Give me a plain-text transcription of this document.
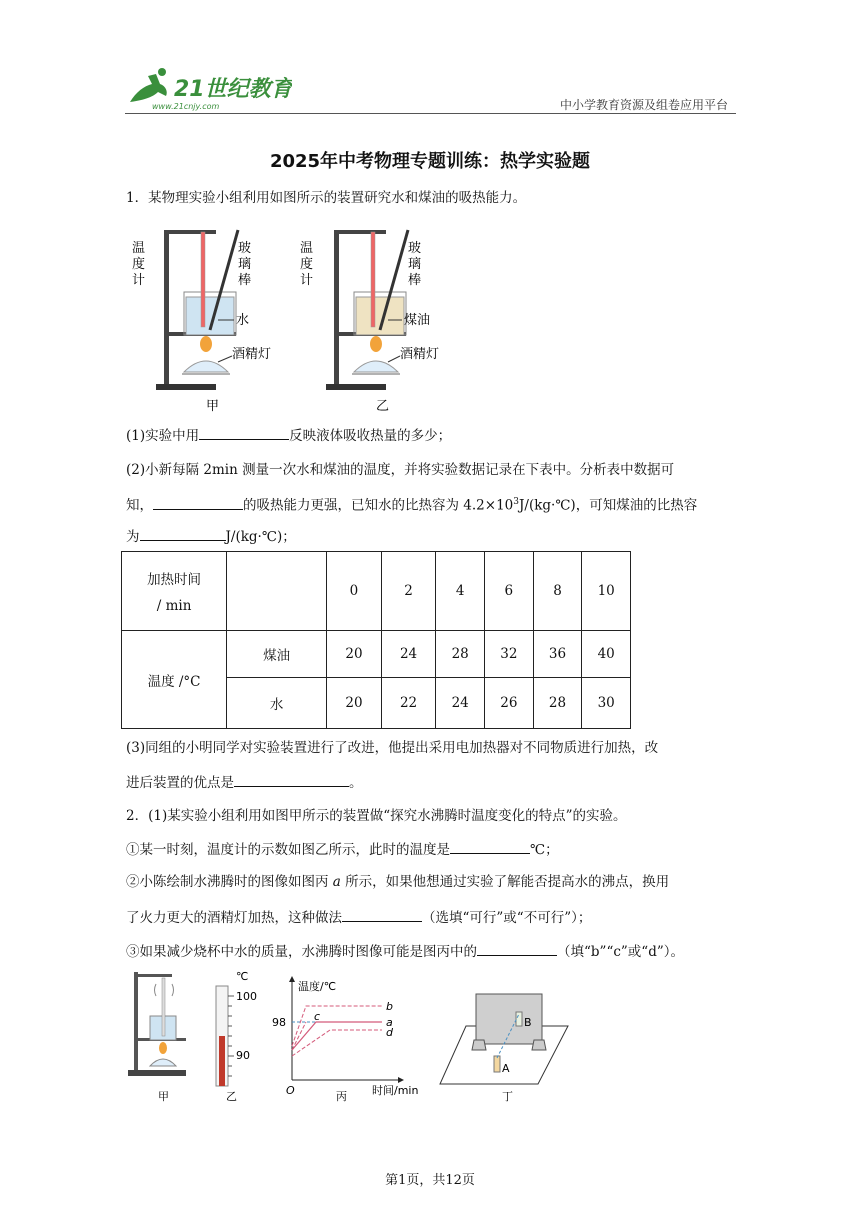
21世纪教育
www.21cnjy.com	中小学教育资源及组卷应用平台
2025年中考物理专题训练：热学实验题
1．某物理实验小组利用如图所示的装置研究水和煤油的吸热能力。
温
度
计
玻
璃
棒
水
酒精灯
甲
温
度
计
玻
璃
棒
煤油
酒精灯
乙
(1)实验中用	反映液体吸收热量的多少；
(2)小新每隔 2min 测量一次水和煤油的温度，并将实验数据记录在下表中。分析表中数据可
知，	的吸热能力更强，已知水的比热容为 $4.2\times 10^3J/(kg\cdot℃)$，可知煤油的比热容
为	J/(kg·℃)；
加热时间
/ min		0	2	4	6	8	10
温度 /°C	煤油	20	24	28	32	36	40
	水	20	22	24	26	28	30
(3)同组的小明同学对实验装置进行了改进，他提出采用电加热器对不同物质进行加热，改
进后装置的优点是	。
2．(1)某实验小组利用如图甲所示的装置做“探究水沸腾时温度变化的特点”的实验。
①某一时刻，温度计的示数如图乙所示，此时的温度是	℃；
②小陈绘制水沸腾时的图像如图丙 a 所示，如果他想通过实验了解能否提高水的沸点，换用
了火力更大的酒精灯加热，这种做法	（选填“可行”或“不可行”）；
③如果减少烧杯中水的质量，水沸腾时图像可能是图丙中的	（填“b”“c”或“d”）。
甲
℃
100
90
乙
温度/℃
98
O	时间/min
b
c	a
d
丙
B
A
丁
第1页，共12页
